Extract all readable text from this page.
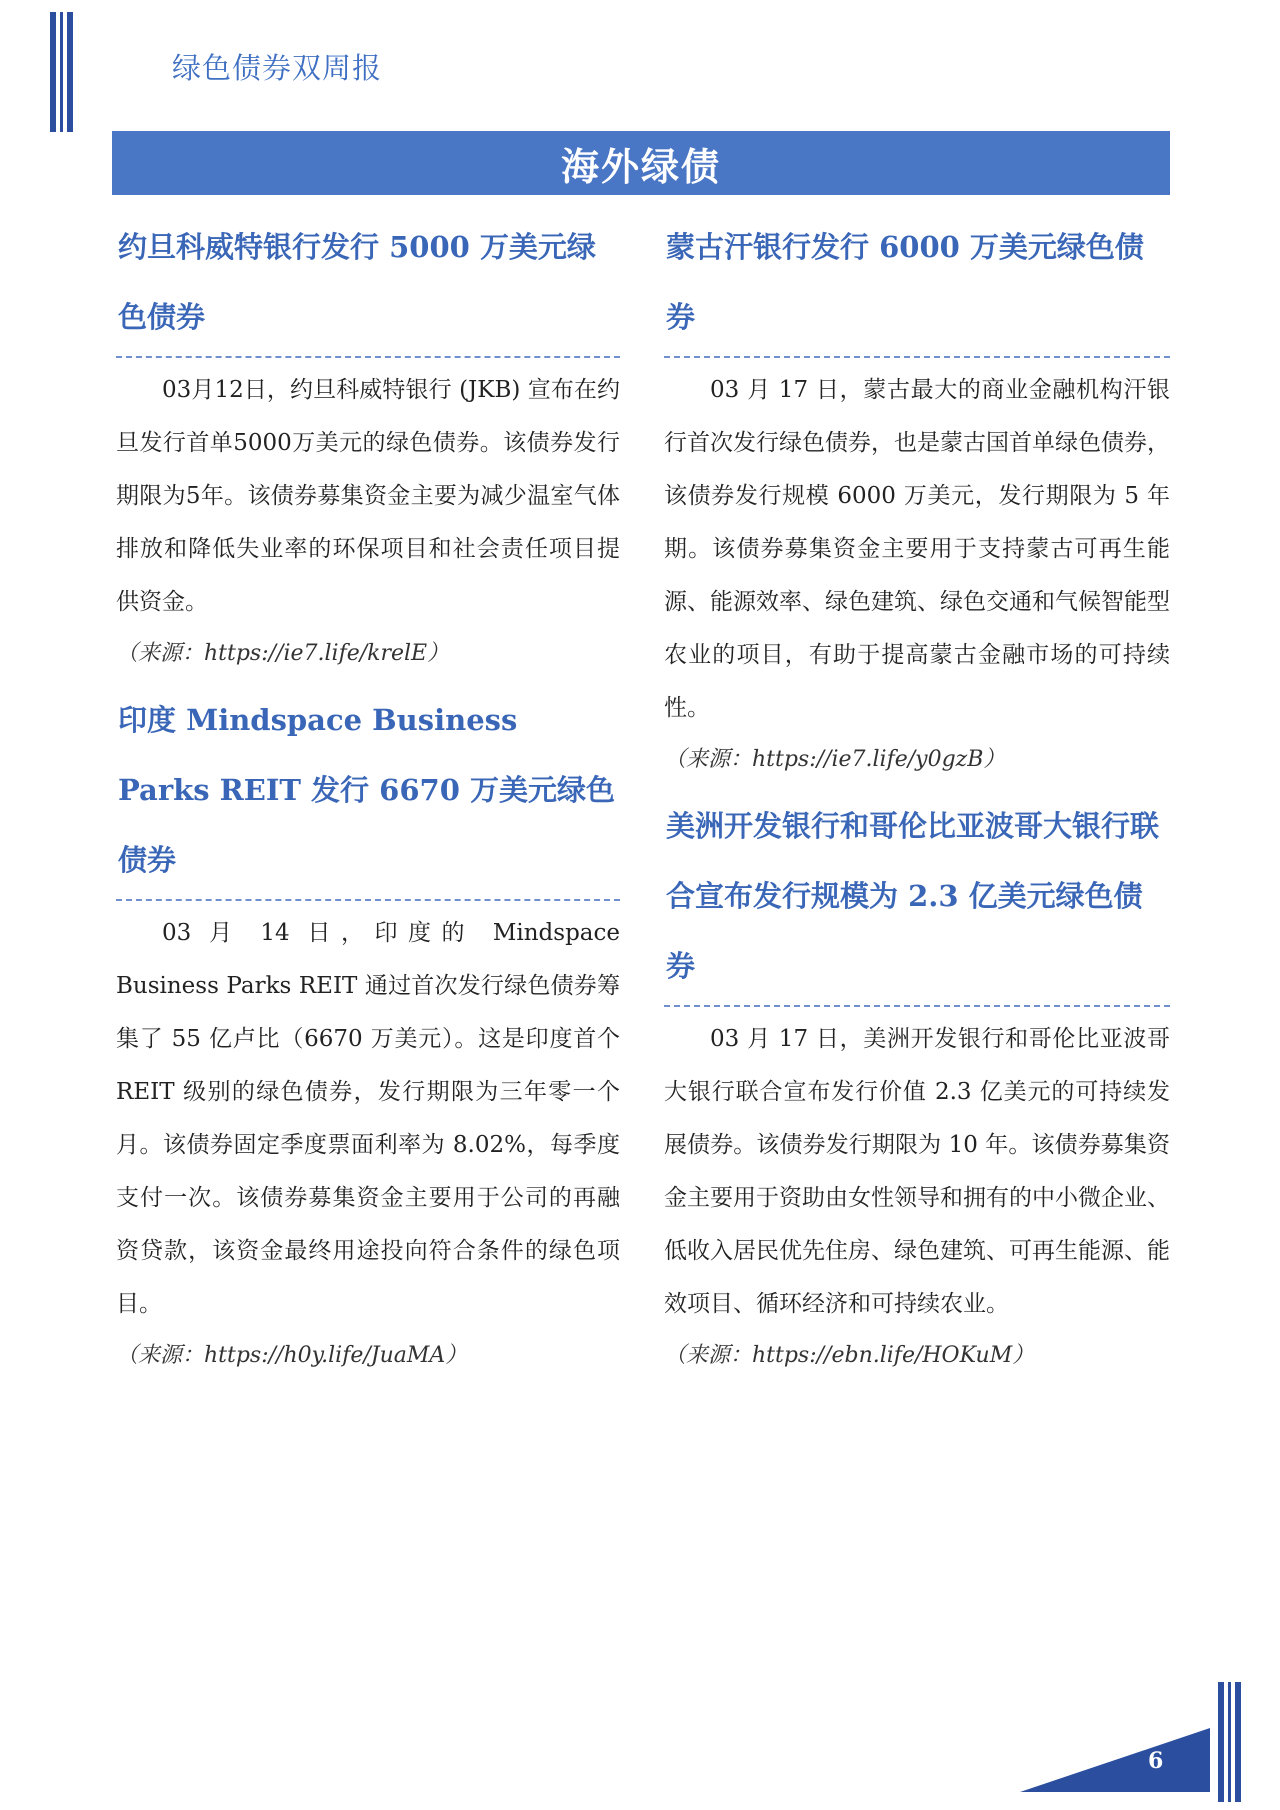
绿色债券双周报
海外绿债
约旦科威特银行发行 5000 万美元绿色债券

03月12日，约旦科威特银行 (JKB) 宣布在约旦发行首单5000万美元的绿色债券。该债券发行期限为5年。该债券募集资金主要为减少温室气体排放和降低失业率的环保项目和社会责任项目提供资金。

（来源：https://ie7.life/krelE）

印度 Mindspace Business Parks REIT 发行 6670 万美元绿色债券

03 月 14 日，印度的 Mindspace Business Parks REIT 通过首次发行绿色债券筹集了 55 亿卢比（6670 万美元）。这是印度首个 REIT 级别的绿色债券，发行期限为三年零一个月。该债券固定季度票面利率为 8.02%，每季度支付一次。该债券募集资金主要用于公司的再融资贷款，该资金最终用途投向符合条件的绿色项目。

（来源：https://h0y.life/JuaMA）

蒙古汗银行发行 6000 万美元绿色债券

03 月 17 日，蒙古最大的商业金融机构汗银行首次发行绿色债券，也是蒙古国首单绿色债券，该债券发行规模 6000 万美元，发行期限为 5 年期。该债券募集资金主要用于支持蒙古可再生能源、能源效率、绿色建筑、绿色交通和气候智能型农业的项目，有助于提高蒙古金融市场的可持续性。

（来源：https://ie7.life/y0gzB）

美洲开发银行和哥伦比亚波哥大银行联合宣布发行规模为 2.3 亿美元绿色债券

03 月 17 日，美洲开发银行和哥伦比亚波哥大银行联合宣布发行价值 2.3 亿美元的可持续发展债券。该债券发行期限为 10 年。该债券募集资金主要用于资助由女性领导和拥有的中小微企业、低收入居民优先住房、绿色建筑、可再生能源、能效项目、循环经济和可持续农业。

（来源：https://ebn.life/HOKuM）

6
